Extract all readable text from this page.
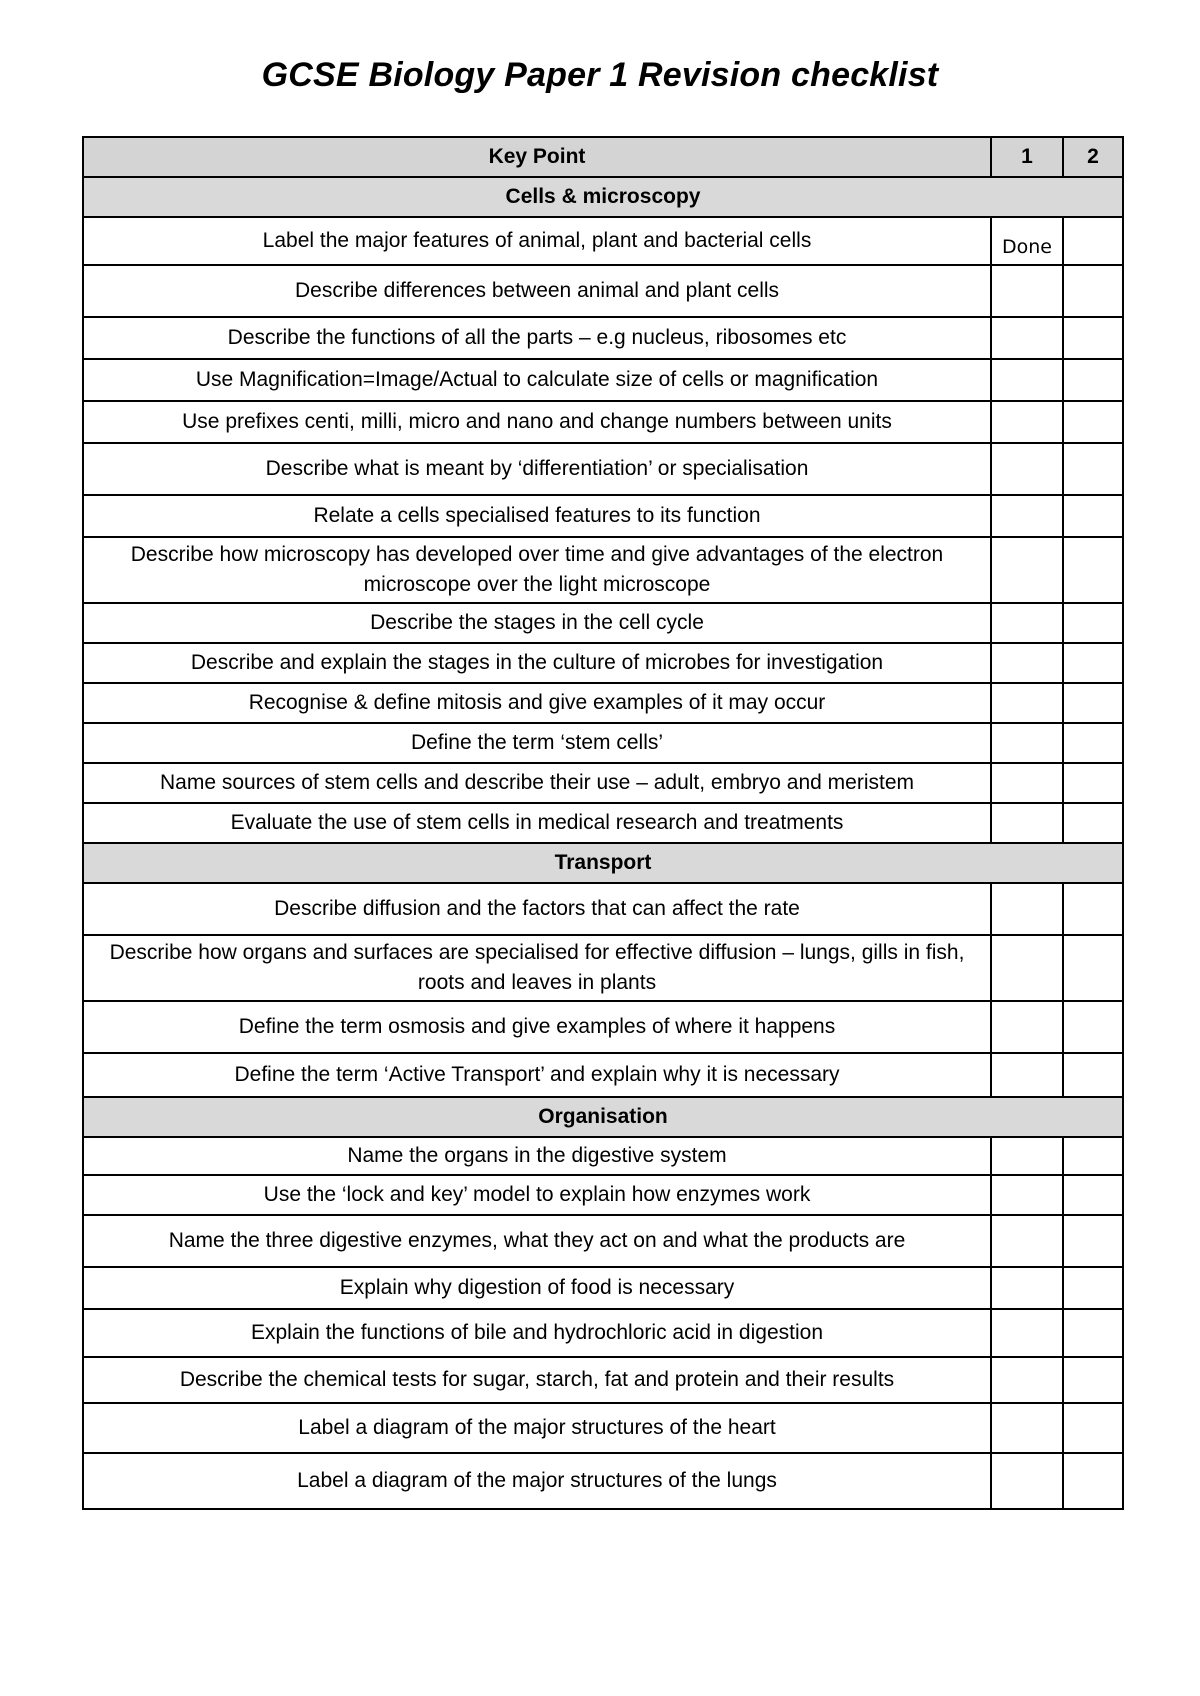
GCSE Biology Paper 1 Revision checklist
Key Point	1	2
Cells & microscopy		
Label the major features of animal, plant and bacterial cells	Done	
Describe differences between animal and plant cells		
Describe the functions of all the parts – e.g nucleus, ribosomes etc		
Use Magnification=Image/Actual to calculate size of cells or magnification		
Use prefixes centi, milli, micro and nano and change numbers between units		
Describe what is meant by ‘differentiation’ or specialisation		
Relate a cells specialised features to its function		
Describe how microscopy has developed over time and give advantages of the electron microscope over the light microscope		
Describe the stages in the cell cycle		
Describe and explain the stages in the culture of microbes for investigation		
Recognise & define mitosis and give examples of it may occur		
Define the term ‘stem cells’		
Name sources of stem cells and describe their use – adult, embryo and meristem		
Evaluate the use of stem cells in medical research and treatments		
Transport		
Describe diffusion and the factors that can affect the rate		
Describe how organs and surfaces are specialised for effective diffusion – lungs, gills in fish, roots and leaves in plants		
Define the term osmosis and give examples of where it happens		
Define the term ‘Active Transport’ and explain why it is necessary		
Organisation		
Name the organs in the digestive system		
Use the ‘lock and key’ model to explain how enzymes work		
Name the three digestive enzymes, what they act on and what the products are		
Explain why digestion of food is necessary		
Explain the functions of bile and hydrochloric acid in digestion		
Describe the chemical tests for sugar, starch, fat and protein and their results		
Label a diagram of the major structures of the heart		
Label a diagram of the major structures of the lungs		
